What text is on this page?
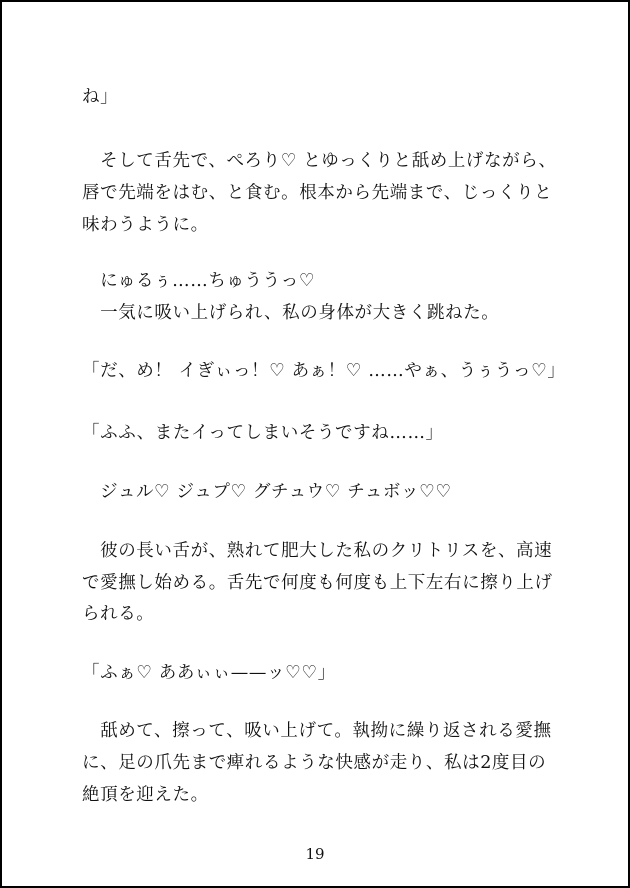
ね」
　そして舌先で、ぺろり♡ とゆっくりと舐め上げながら、
唇で先端をはむ、と食む。根本から先端まで、じっくりと
味わうように。
　にゅるぅ……ちゅううっ♡
　一気に吸い上げられ、私の身体が大きく跳ねた。
「だ、め！ イぎぃっ！♡ あぁ！♡ ……やぁ、うぅうっ♡」
「ふふ、またイってしまいそうですね……」
　ジュル♡ ジュプ♡ グチュウ♡ チュボッ♡♡
　彼の長い舌が、熟れて肥大した私のクリトリスを、高速
で愛撫し始める。舌先で何度も何度も上下左右に擦り上げ
られる。
「ふぁ♡ ああぃぃ——ッ♡♡」
　舐めて、擦って、吸い上げて。執拗に繰り返される愛撫
に、足の爪先まで痺れるような快感が走り、私は2度目の
絶頂を迎えた。
19
